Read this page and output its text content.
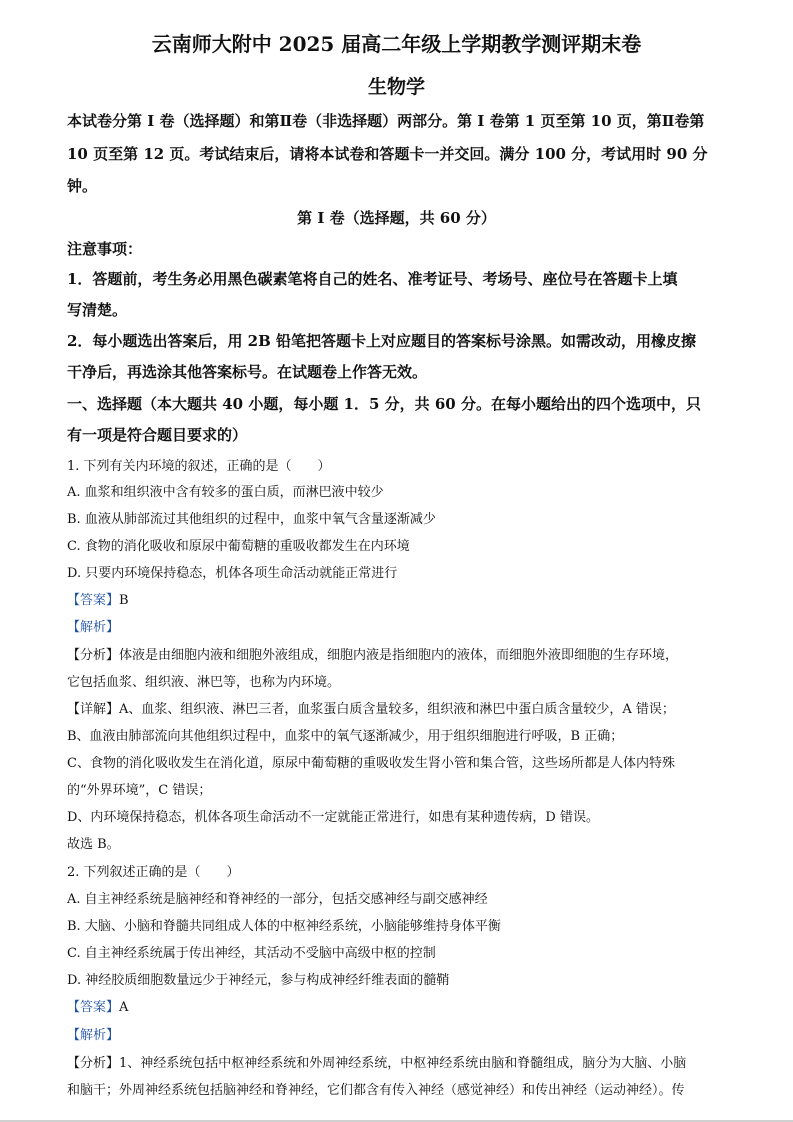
云南师大附中 2025 届高二年级上学期教学测评期末卷
生物学
本试卷分第 I 卷（选择题）和第Ⅱ卷（非选择题）两部分。第 I 卷第 1 页至第 10 页，第Ⅱ卷第
10 页至第 12 页。考试结束后，请将本试卷和答题卡一并交回。满分 100 分，考试用时 90 分
钟。
第 I 卷（选择题，共 60 分）
注意事项：
1．答题前，考生务必用黑色碳素笔将自己的姓名、准考证号、考场号、座位号在答题卡上填
写清楚。
2．每小题选出答案后，用 2B 铅笔把答题卡上对应题目的答案标号涂黑。如需改动，用橡皮擦
干净后，再选涂其他答案标号。在试题卷上作答无效。
一、选择题（本大题共 40 小题，每小题 1．5 分，共 60 分。在每小题给出的四个选项中，只
有一项是符合题目要求的）
1. 下列有关内环境的叙述，正确的是（　　）
A. 血浆和组织液中含有较多的蛋白质，而淋巴液中较少
B. 血液从肺部流过其他组织的过程中，血浆中氧气含量逐渐减少
C. 食物的消化吸收和原尿中葡萄糖的重吸收都发生在内环境
D. 只要内环境保持稳态，机体各项生命活动就能正常进行
【答案】B
【解析】
【分析】体液是由细胞内液和细胞外液组成，细胞内液是指细胞内的液体，而细胞外液即细胞的生存环境，
它包括血浆、组织液、淋巴等，也称为内环境。
【详解】A、血浆、组织液、淋巴三者，血浆蛋白质含量较多，组织液和淋巴中蛋白质含量较少，A 错误；
B、血液由肺部流向其他组织过程中，血浆中的氧气逐渐减少，用于组织细胞进行呼吸，B 正确；
C、食物的消化吸收发生在消化道，原尿中葡萄糖的重吸收发生肾小管和集合管，这些场所都是人体内特殊
的“外界环境”，C 错误；
D、内环境保持稳态，机体各项生命活动不一定就能正常进行，如患有某种遗传病，D 错误。
故选 B。
2. 下列叙述正确的是（　　）
A. 自主神经系统是脑神经和脊神经的一部分，包括交感神经与副交感神经
B. 大脑、小脑和脊髓共同组成人体的中枢神经系统，小脑能够维持身体平衡
C. 自主神经系统属于传出神经，其活动不受脑中高级中枢的控制
D. 神经胶质细胞数量远少于神经元，参与构成神经纤维表面的髓鞘
【答案】A
【解析】
【分析】1、神经系统包括中枢神经系统和外周神经系统，中枢神经系统由脑和脊髓组成，脑分为大脑、小脑
和脑干；外周神经系统包括脑神经和脊神经，它们都含有传入神经（感觉神经）和传出神经（运动神经）。传
